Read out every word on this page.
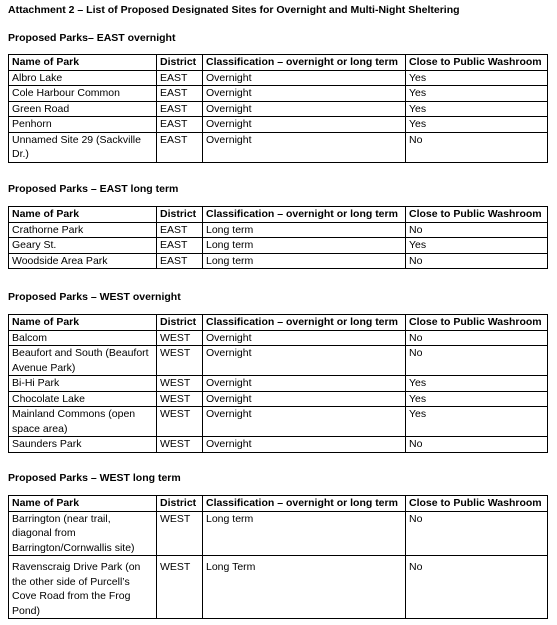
Attachment 2 – List of Proposed Designated Sites for Overnight and Multi-Night Sheltering
Proposed Parks– EAST overnight
Name of Park	District	Classification – overnight or long term	Close to Public Washroom
Albro Lake	EAST	Overnight	Yes
Cole Harbour Common	EAST	Overnight	Yes
Green Road	EAST	Overnight	Yes
Penhorn	EAST	Overnight	Yes
Unnamed Site 29 (Sackville Dr.)	EAST	Overnight	No
Proposed Parks – EAST long term
Name of Park	District	Classification – overnight or long term	Close to Public Washroom
Crathorne Park	EAST	Long term	No
Geary St.	EAST	Long term	Yes
Woodside Area Park	EAST	Long term	No
Proposed Parks – WEST overnight
Name of Park	District	Classification – overnight or long term	Close to Public Washroom
Balcom	WEST	Overnight	No
Beaufort and South (Beaufort Avenue Park)	WEST	Overnight	No
Bi-Hi Park	WEST	Overnight	Yes
Chocolate Lake	WEST	Overnight	Yes
Mainland Commons (open space area)	WEST	Overnight	Yes
Saunders Park	WEST	Overnight	No
Proposed Parks – WEST long term
Name of Park	District	Classification – overnight or long term	Close to Public Washroom
Barrington (near trail, diagonal from Barrington/Cornwallis site)	WEST	Long term	No
Ravenscraig Drive Park (on the other side of Purcell’s Cove Road from the Frog Pond)	WEST	Long Term	No
